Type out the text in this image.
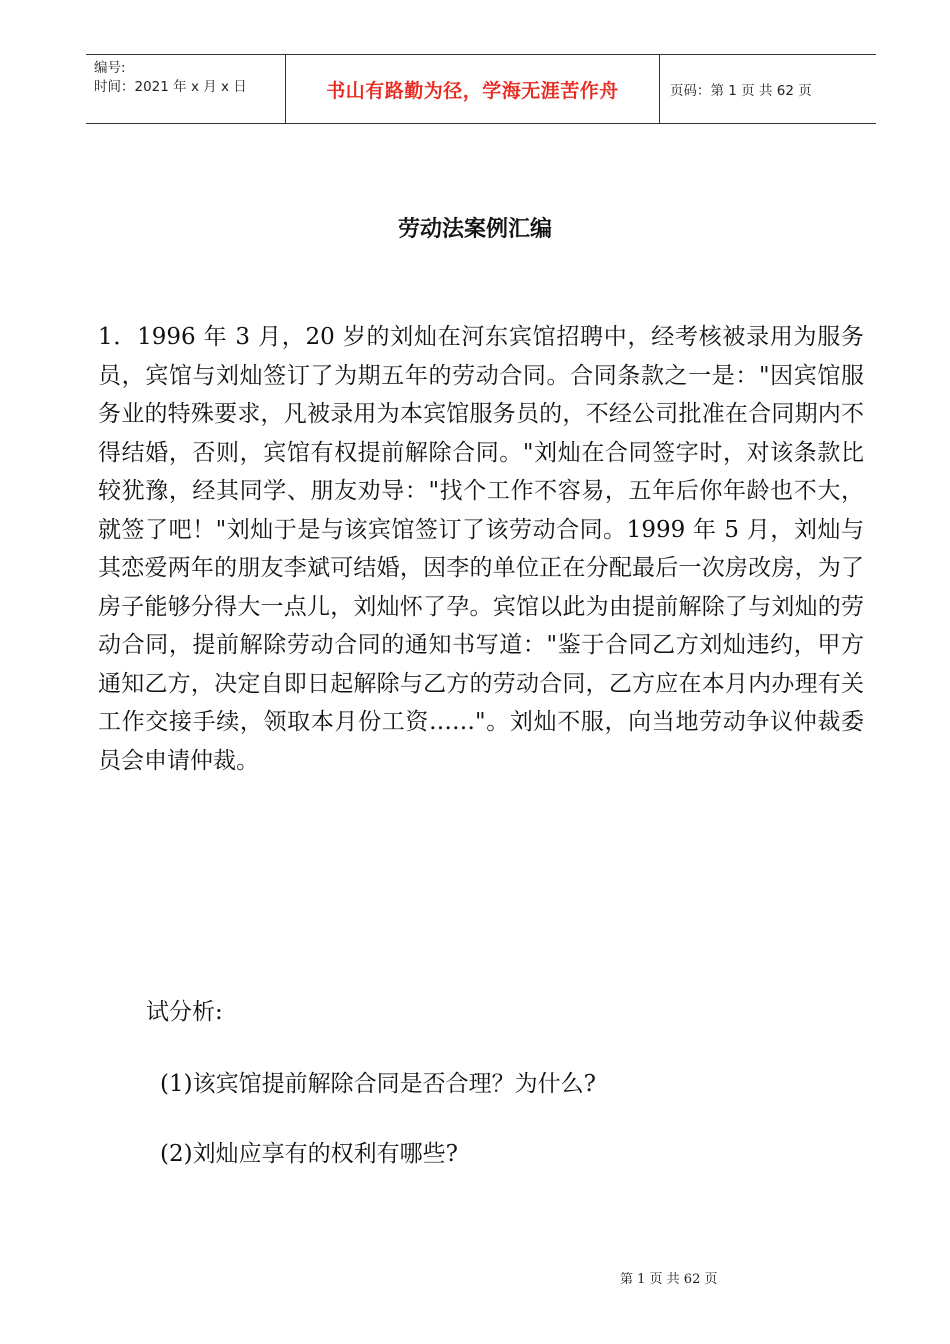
编号:
时间：2021 年 x 月 x 日	书山有路勤为径，学海无涯苦作舟	页码：第 1 页 共 62 页
劳动法案例汇编

1．1996 年 3 月，20 岁的刘灿在河东宾馆招聘中，经考核被录用为服务员，宾馆与刘灿签订了为期五年的劳动合同。合同条款之一是："因宾馆服务业的特殊要求，凡被录用为本宾馆服务员的，不经公司批准在合同期内不得结婚，否则，宾馆有权提前解除合同。"刘灿在合同签字时，对该条款比较犹豫，经其同学、朋友劝导："找个工作不容易，五年后你年龄也不大，就签了吧！"刘灿于是与该宾馆签订了该劳动合同。1999 年 5 月，刘灿与其恋爱两年的朋友李斌可结婚，因李的单位正在分配最后一次房改房，为了房子能够分得大一点儿，刘灿怀了孕。宾馆以此为由提前解除了与刘灿的劳动合同，提前解除劳动合同的通知书写道："鉴于合同乙方刘灿违约，甲方通知乙方，决定自即日起解除与乙方的劳动合同，乙方应在本月内办理有关工作交接手续，领取本月份工资……"。刘灿不服，向当地劳动争议仲裁委员会申请仲裁。

试分析:

(1)该宾馆提前解除合同是否合理？为什么?

(2)刘灿应享有的权利有哪些?

第 1 页 共 62 页
